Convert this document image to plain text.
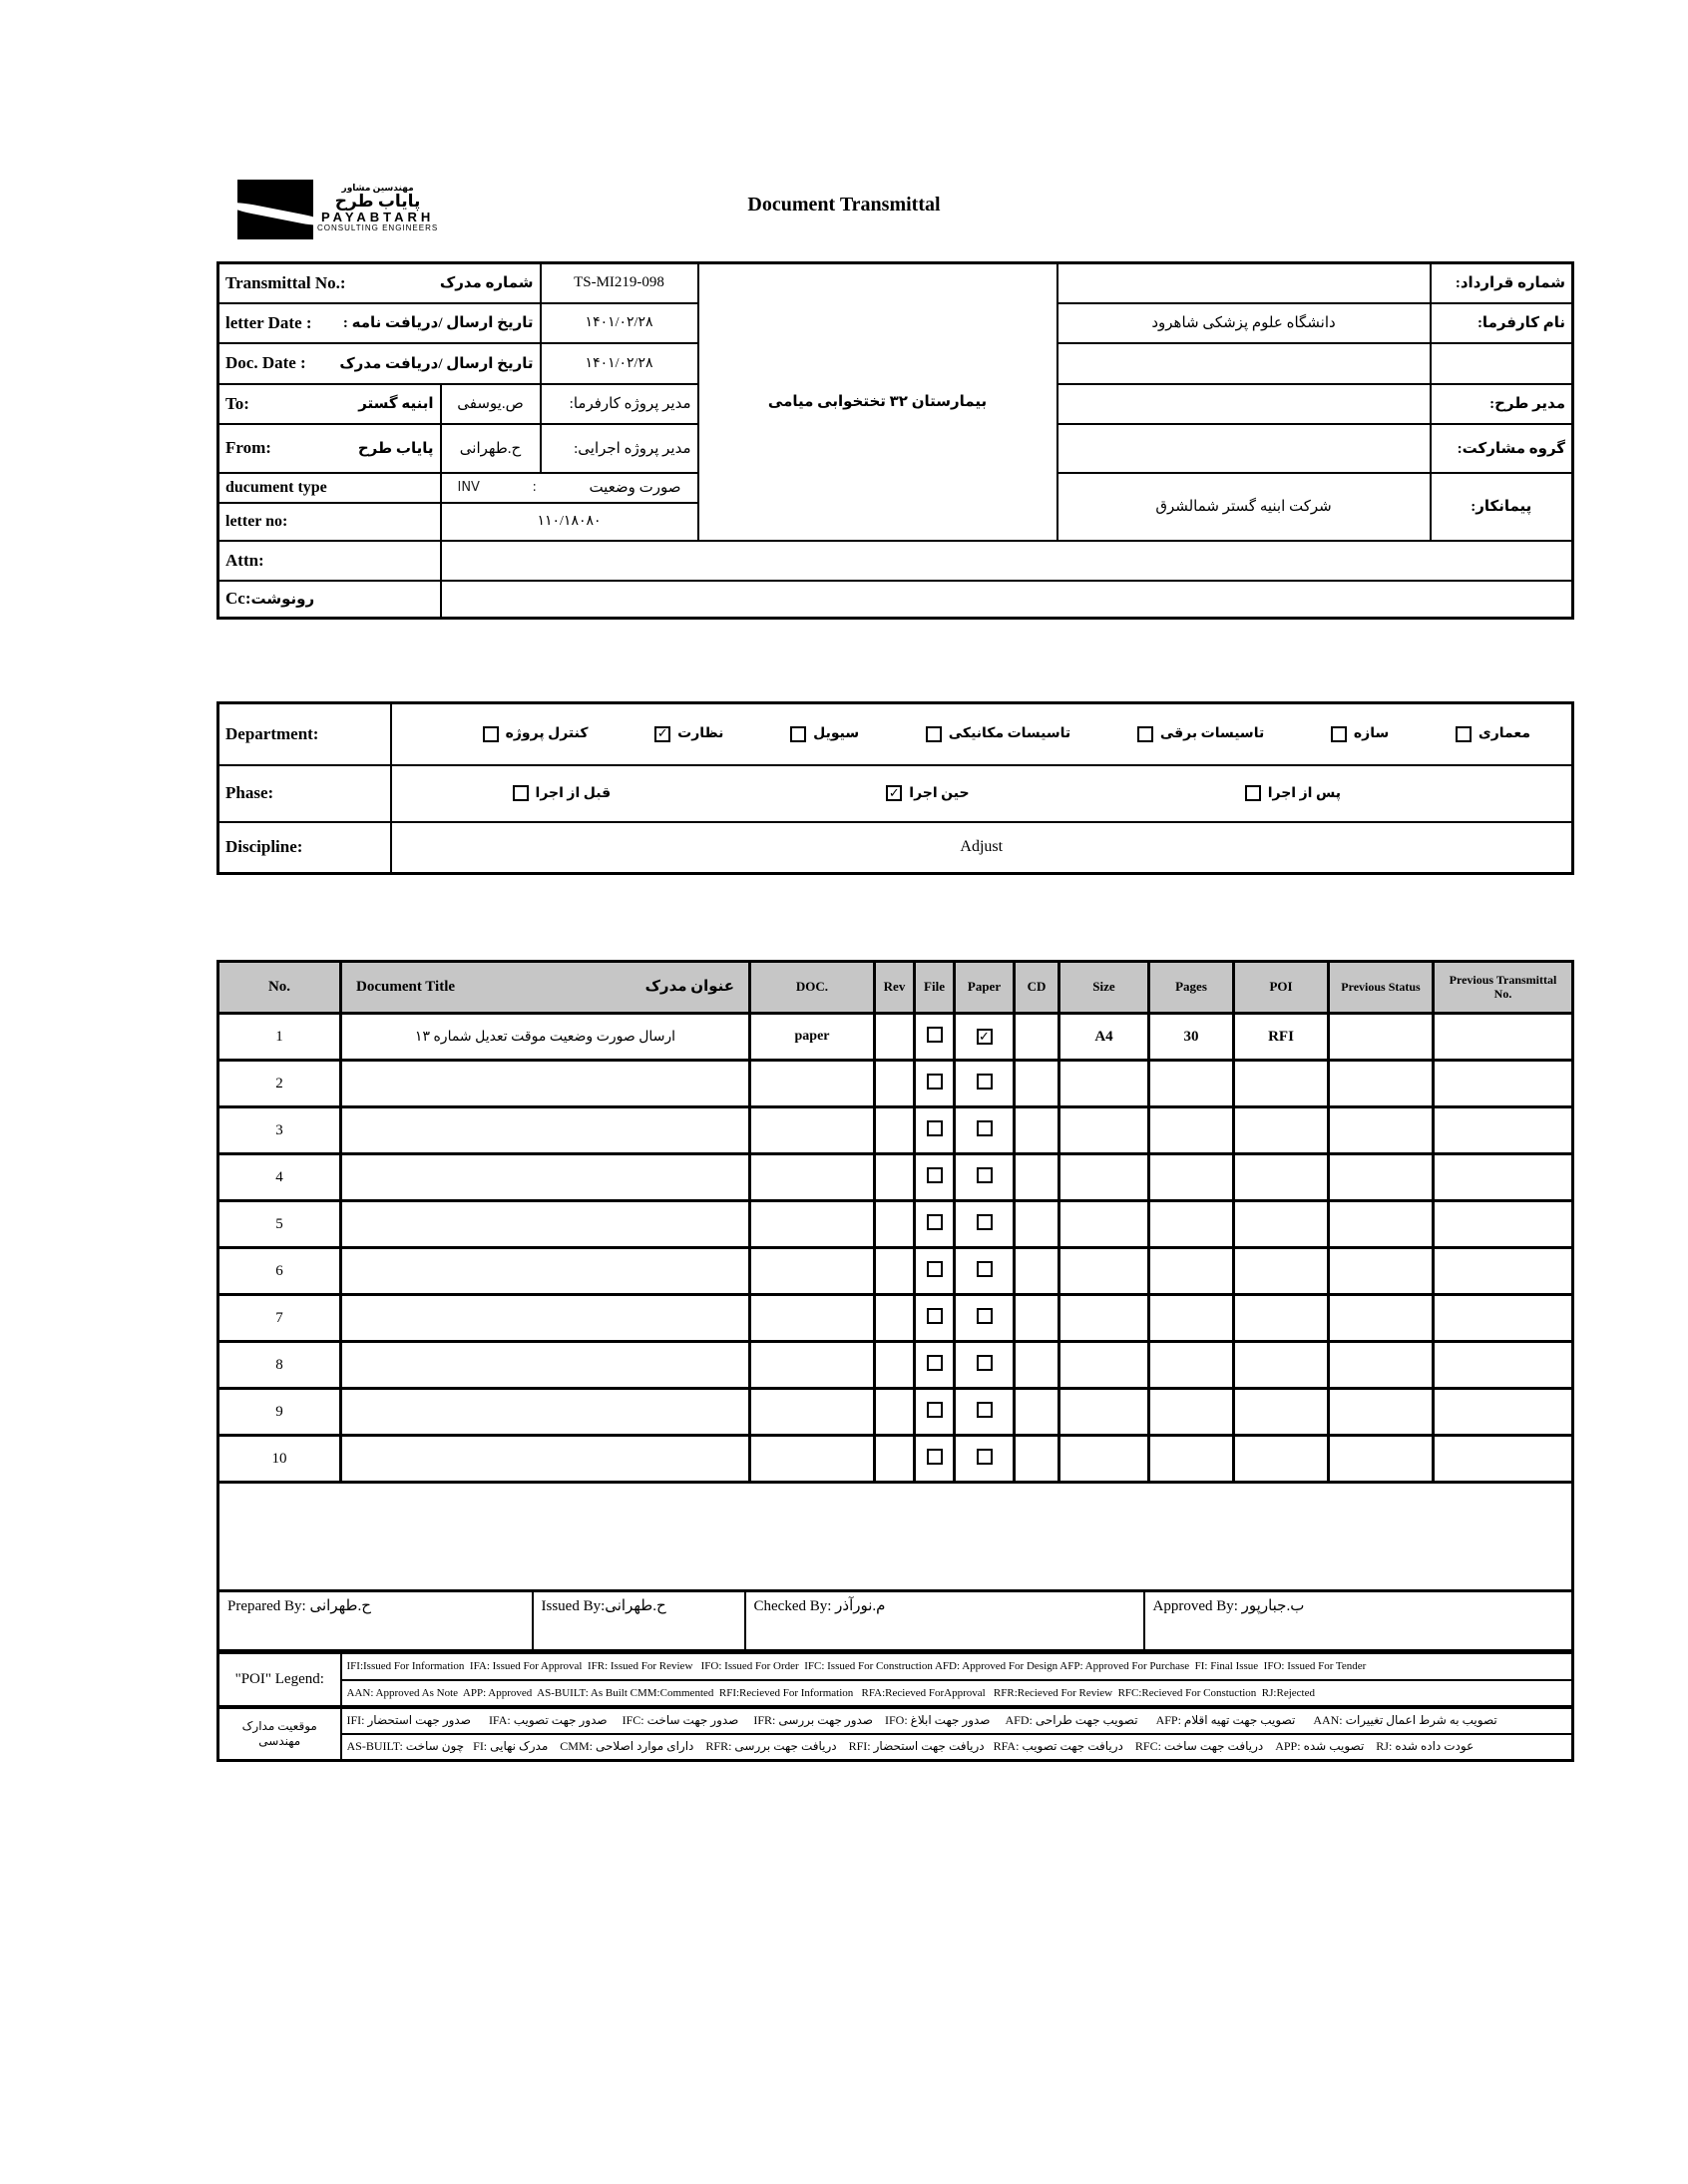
مهندسین مشاور
پایاب طرح
PAYABTARH
CONSULTING ENGINEERS
Document Transmittal
Transmittal No.: شماره مدرک		TS-MI219-098	بیمارستان ۳۲ تختخوابی میامی		شماره قرارداد:

letter Date : تاریخ ارسال /دریافت نامه :		۱۴۰۱/۰۲/۲۸		دانشگاه علوم پزشکی شاهرود	نام کارفرما:

Doc. Date : تاریخ ارسال /دریافت مدرک		۱۴۰۱/۰۲/۲۸			

To: ابنیه گستر	ص.یوسفی	مدیر پروژه کارفرما:			مدیر طرح:

From: پایاب طرح	ح.طهرانی	مدیر پروژه اجرایی:			گروه مشارکت:
ducument type	INV : صورت وضعیت			شرکت ابنیه گستر شمالشرق	پیمانکار:
letter no:	۱۱۰/۱۸۰۸۰				
Attn:					
Cc:رونوشت					
Department:	معماری
سازه
تاسیسات برقی
تاسیسات مکانیکی
سیویل
✓
نظارت
کنترل پروژه

Phase:	پس از اجرا
✓
حین اجرا
قبل از اجرا

Discipline:	Adjust
No.	Document Title عنوان مدرک	DOC.	Rev	File	Paper	CD	Size	Pages	POI	Previous Status	Previous Transmittal No.
1	ارسال صورت وضعیت موقت تعدیل شماره ۱۳	paper			✓		A4	30	RFI		
2											
3											
4											
5											
6											
7											
8											
9											
10											

Prepared By: ح.طهرانی	Issued By:ح.طهرانی	Checked By: م.نورآذر	Approved By: ب.جبارپور
"POI" Legend:	IFI:Issued For Information  IFA: Issued For Approval  IFR: Issued For Review   IFO: Issued For Order  IFC: Issued For Construction AFD: Approved For Design AFP: Approved For Purchase  FI: Final Issue  IFO: Issued For Tender

	AAN: Approved As Note  APP: Approved  AS-BUILT: As Built CMM:Commented  RFI:Recieved For Information   RFA:Recieved ForApproval   RFR:Recieved For Review  RFC:Recieved For Constuction  RJ:Rejected

موقعیت مدارک مهندسی	IFI: صدور جهت استحضار      IFA: صدور جهت تصویب     IFC: صدور جهت ساخت     IFR: صدور جهت بررسی    IFO: صدور جهت ابلاغ     AFD: تصویب جهت طراحی      AFP: تصویب جهت تهیه اقلام      AAN: تصویب به شرط اعمال تغییرات

	AS-BUILT: چون ساخت   FI: مدرک نهایی    CMM: دارای موارد اصلاحی    RFR: دریافت جهت بررسی    RFI: دریافت جهت استحضار   RFA: دریافت جهت تصویب    RFC: دریافت جهت ساخت    APP: تصویب شده    RJ: عودت داده شده
